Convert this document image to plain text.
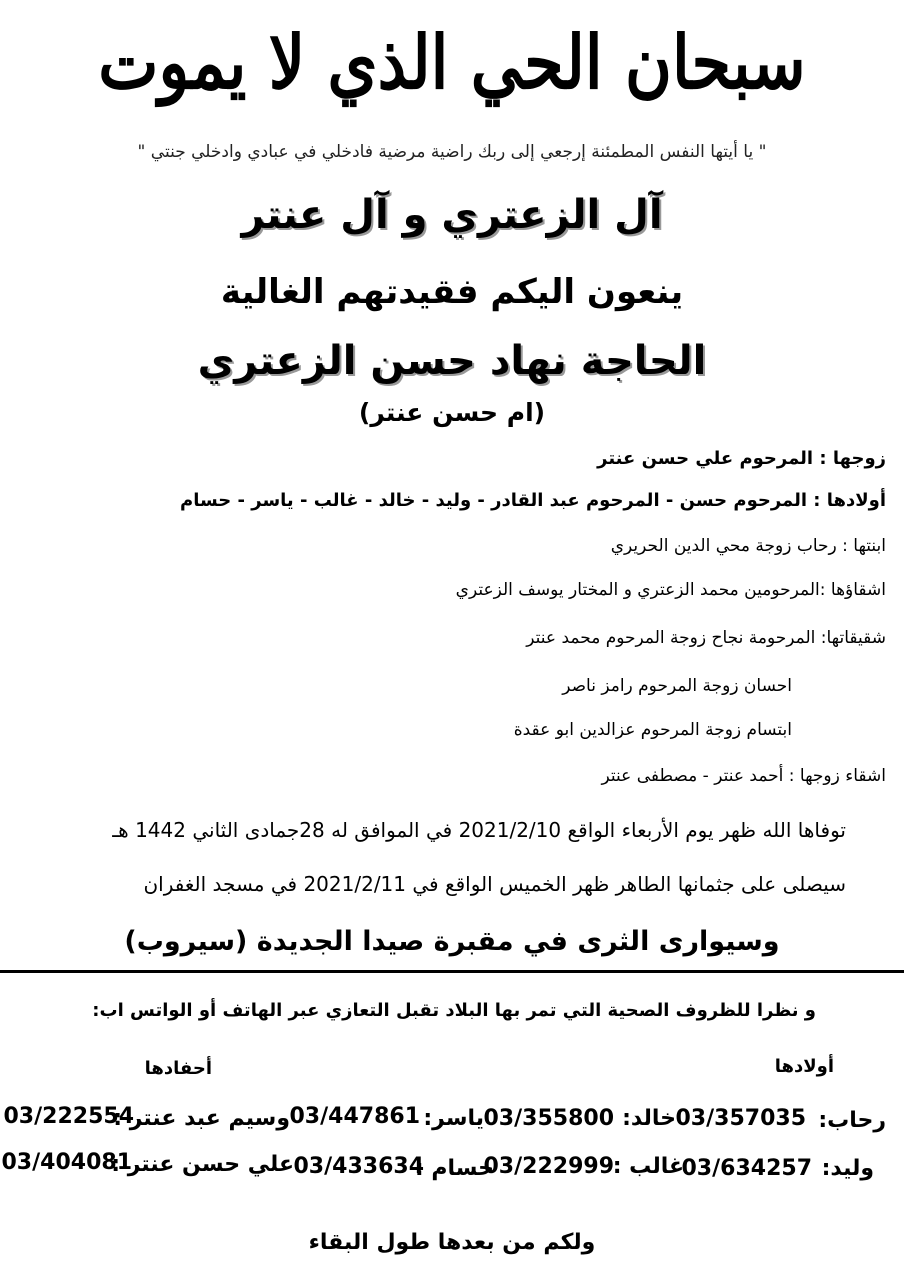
سبحان الحي الذي لا يموت
" يا أيتها النفس المطمئنة إرجعي إلى ربك راضية مرضية فادخلي في عبادي وادخلي جنتي "
آل الزعتري و آل عنتر
ينعون اليكم فقيدتهم الغالية
الحاجة نهاد حسن الزعتري
(ام حسن عنتر)
زوجها : المرحوم علي حسن عنتر
أولادها : المرحوم حسن - المرحوم عبد القادر - وليد - خالد - غالب - ياسر - حسام
ابنتها : رحاب زوجة محي الدين الحريري
اشقاؤها :المرحومين محمد الزعتري و المختار يوسف الزعتري
شقيقاتها: المرحومة نجاح زوجة المرحوم محمد عنتر
احسان زوجة المرحوم رامز ناصر
ابتسام زوجة المرحوم عزالدين ابو عقدة
اشقاء زوجها : أحمد عنتر - مصطفى عنتر
توفاها الله ظهر يوم الأربعاء الواقع 2021/2/10 في الموافق له 28جمادى الثاني 1442 هـ
سيصلى على جثمانها الطاهر ظهر الخميس الواقع في 2021/2/11 في مسجد الغفران
وسيوارى الثرى في مقبرة صيدا الجديدة (سيروب)
و نظرا للظروف الصحية التي تمر بها البلاد تقبل التعازي عبر الهاتف أو الواتس اب:
أولادها
أحفادها
رحاب:
03/357035
خالد:
03/355800
ياسر:
03/447861
وسيم عبد عنتر :
03/222554
وليد:
03/634257
غالب :
03/222999
حسام :
03/433634
علي حسن عنتر :
03/404081
ولكم من بعدها طول البقاء
